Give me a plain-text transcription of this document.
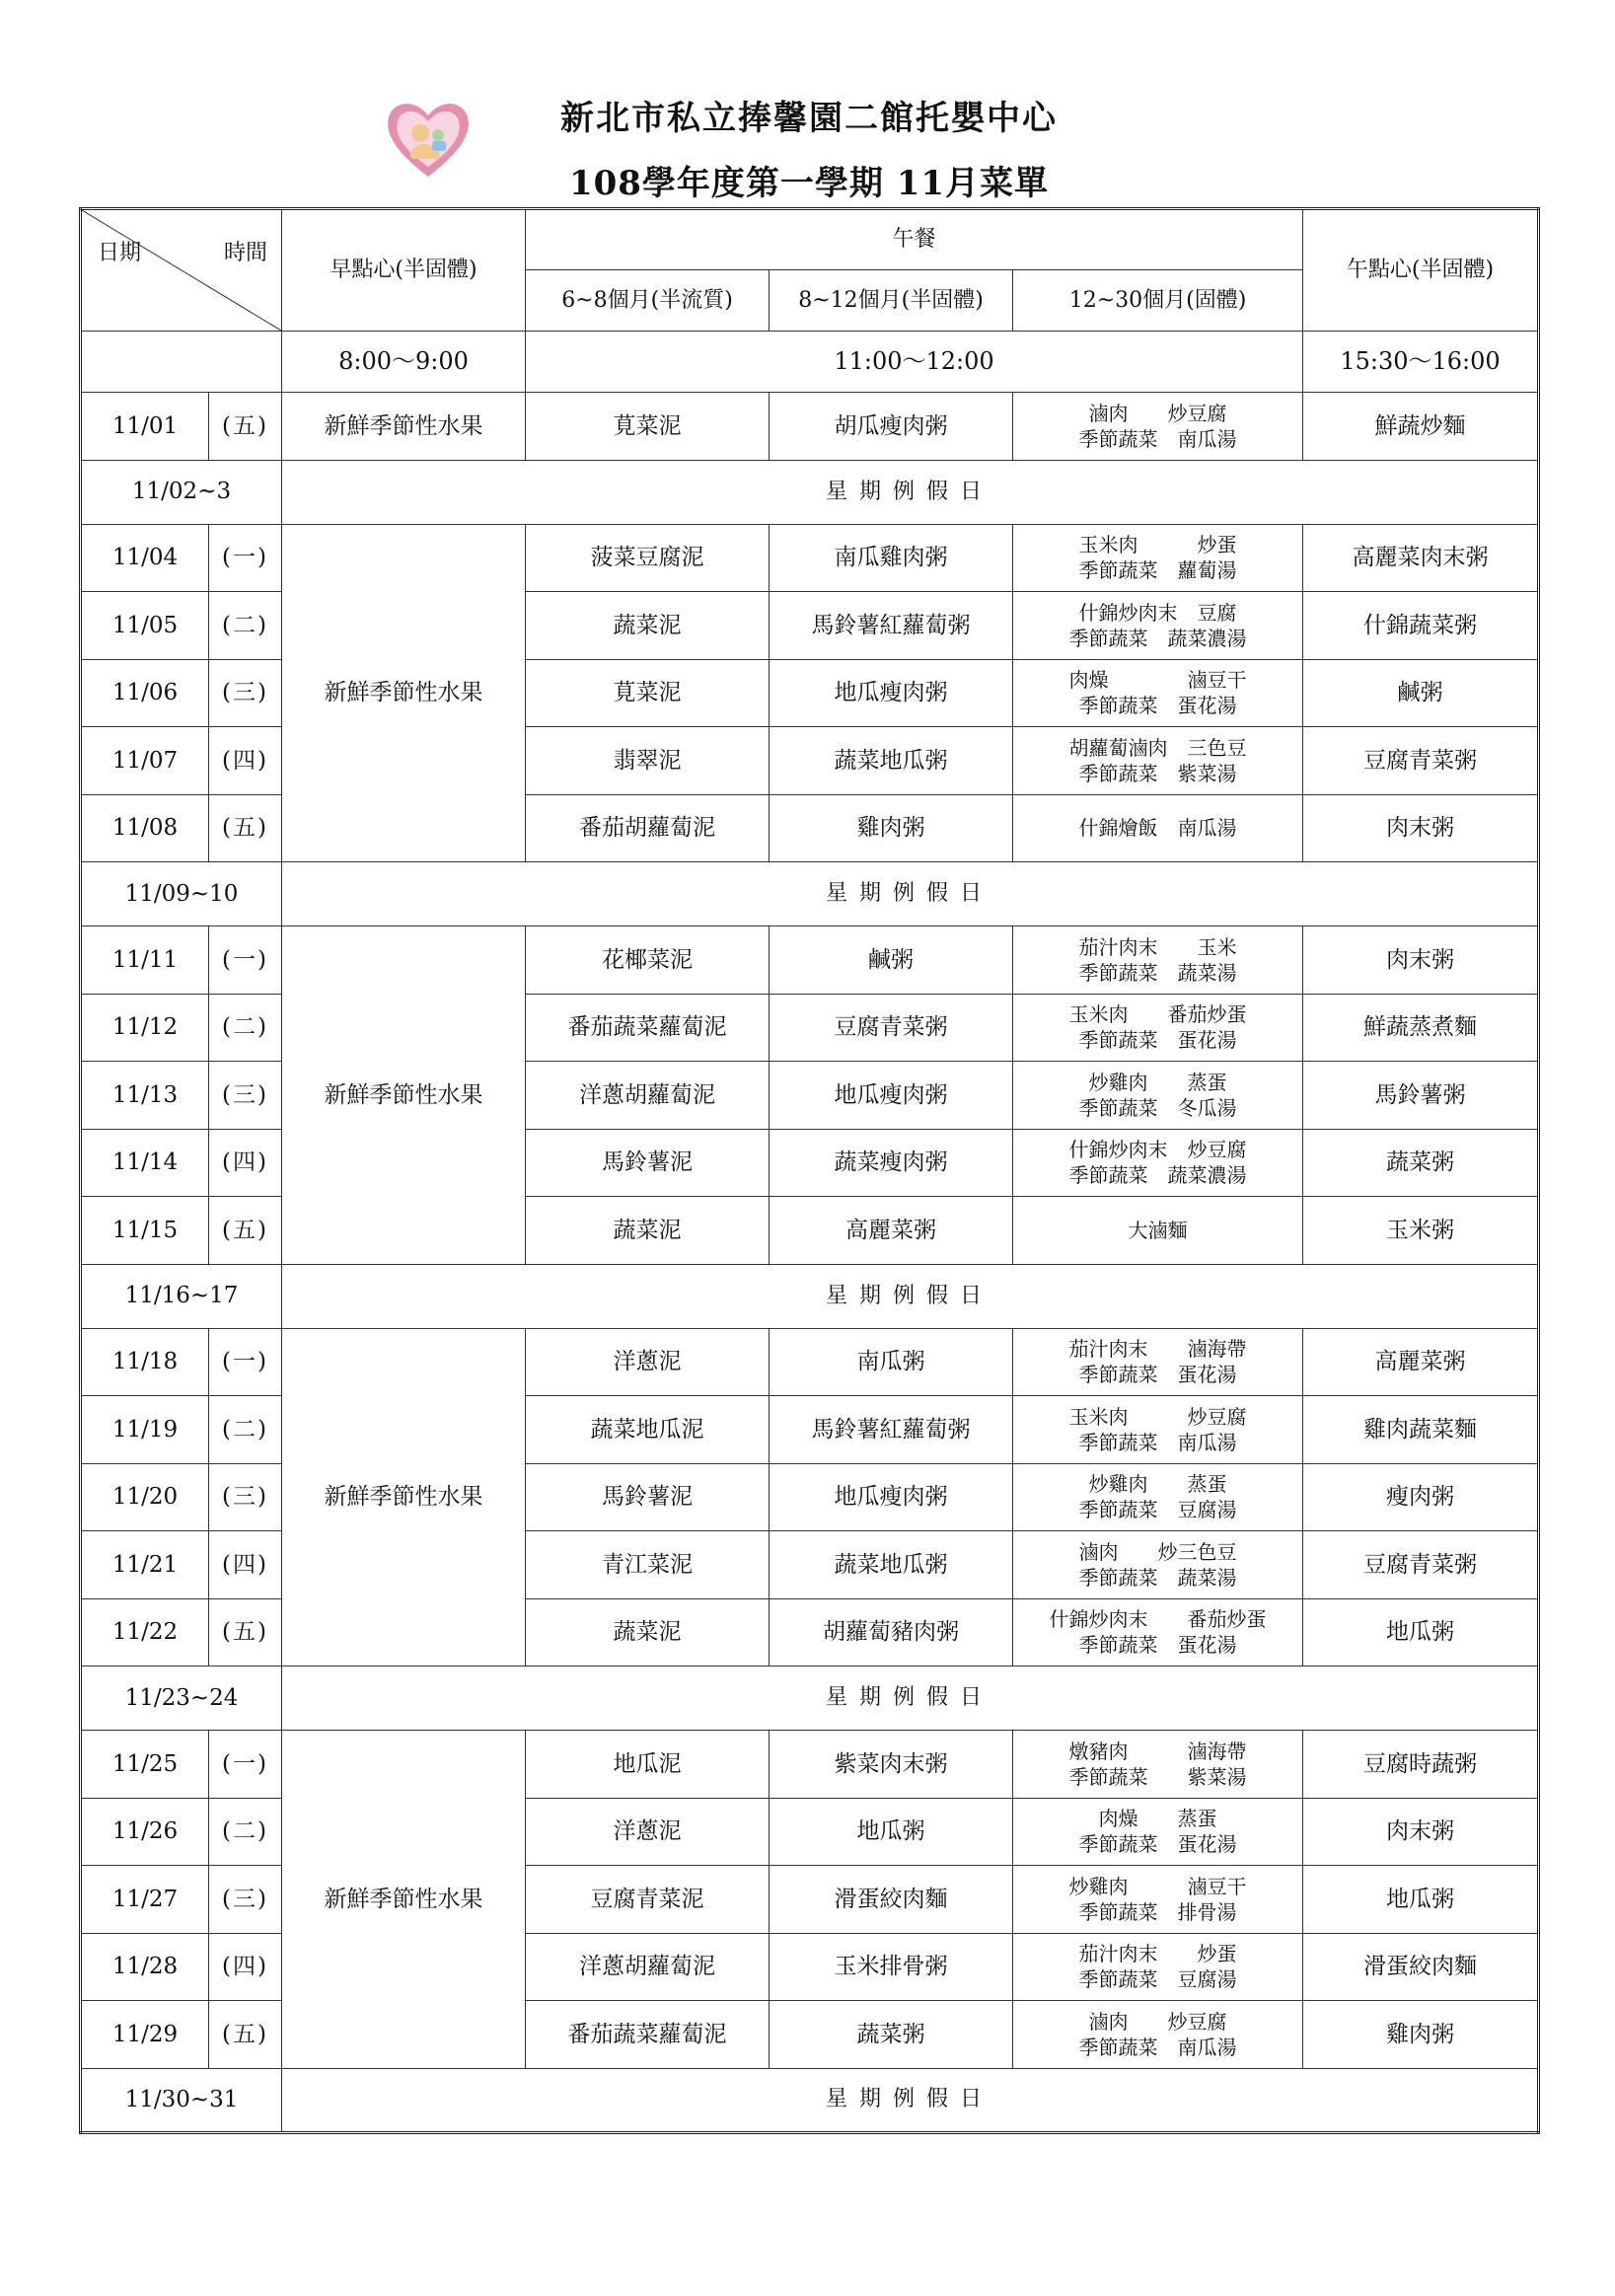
新北市私立捧馨園二館托嬰中心
108學年度第一學期 11月菜單
日期 時間		早點心(半固體)	午餐			午點心(半固體)
			6~8個月(半流質)	8~12個月(半固體)	12~30個月(固體)	
		8:00～9:00	11:00～12:00			15:30～16:00
11/01	(五)	新鮮季節性水果	莧菜泥	胡瓜瘦肉粥	滷肉　　炒豆腐
季節蔬菜　南瓜湯	鮮蔬炒麵
11/02~3		星期例假日				
11/04	(一)	新鮮季節性水果	菠菜豆腐泥	南瓜雞肉粥	玉米肉　　　炒蛋
季節蔬菜　蘿蔔湯	高麗菜肉末粥
11/05	(二)		蔬菜泥	馬鈴薯紅蘿蔔粥	什錦炒肉末　豆腐
季節蔬菜　蔬菜濃湯	什錦蔬菜粥
11/06	(三)		莧菜泥	地瓜瘦肉粥	肉燥　　　　滷豆干
季節蔬菜　蛋花湯	鹹粥
11/07	(四)		翡翠泥	蔬菜地瓜粥	胡蘿蔔滷肉　三色豆
季節蔬菜　紫菜湯	豆腐青菜粥
11/08	(五)		番茄胡蘿蔔泥	雞肉粥	什錦燴飯　南瓜湯	肉末粥
11/09~10		星期例假日				
11/11	(一)	新鮮季節性水果	花椰菜泥	鹹粥	茄汁肉末　　玉米
季節蔬菜　蔬菜湯	肉末粥
11/12	(二)		番茄蔬菜蘿蔔泥	豆腐青菜粥	玉米肉　　番茄炒蛋
季節蔬菜　蛋花湯	鮮蔬蒸煮麵
11/13	(三)		洋蔥胡蘿蔔泥	地瓜瘦肉粥	炒雞肉　　蒸蛋
季節蔬菜　冬瓜湯	馬鈴薯粥
11/14	(四)		馬鈴薯泥	蔬菜瘦肉粥	什錦炒肉末　炒豆腐
季節蔬菜　蔬菜濃湯	蔬菜粥
11/15	(五)		蔬菜泥	高麗菜粥	大滷麵	玉米粥
11/16~17		星期例假日				
11/18	(一)	新鮮季節性水果	洋蔥泥	南瓜粥	茄汁肉末　　滷海帶
季節蔬菜　蛋花湯	高麗菜粥
11/19	(二)		蔬菜地瓜泥	馬鈴薯紅蘿蔔粥	玉米肉　　　炒豆腐
季節蔬菜　南瓜湯	雞肉蔬菜麵
11/20	(三)		馬鈴薯泥	地瓜瘦肉粥	炒雞肉　　蒸蛋
季節蔬菜　豆腐湯	瘦肉粥
11/21	(四)		青江菜泥	蔬菜地瓜粥	滷肉　　炒三色豆
季節蔬菜　蔬菜湯	豆腐青菜粥
11/22	(五)		蔬菜泥	胡蘿蔔豬肉粥	什錦炒肉末　　番茄炒蛋
季節蔬菜　蛋花湯	地瓜粥
11/23~24		星期例假日				
11/25	(一)	新鮮季節性水果	地瓜泥	紫菜肉末粥	燉豬肉　　　滷海帶
季節蔬菜　　紫菜湯	豆腐時蔬粥
11/26	(二)		洋蔥泥	地瓜粥	肉燥　　蒸蛋
季節蔬菜　蛋花湯	肉末粥
11/27	(三)		豆腐青菜泥	滑蛋絞肉麵	炒雞肉　　　滷豆干
季節蔬菜　排骨湯	地瓜粥
11/28	(四)		洋蔥胡蘿蔔泥	玉米排骨粥	茄汁肉末　　炒蛋
季節蔬菜　豆腐湯	滑蛋絞肉麵
11/29	(五)		番茄蔬菜蘿蔔泥	蔬菜粥	滷肉　　炒豆腐
季節蔬菜　南瓜湯	雞肉粥
11/30~31		星期例假日				
